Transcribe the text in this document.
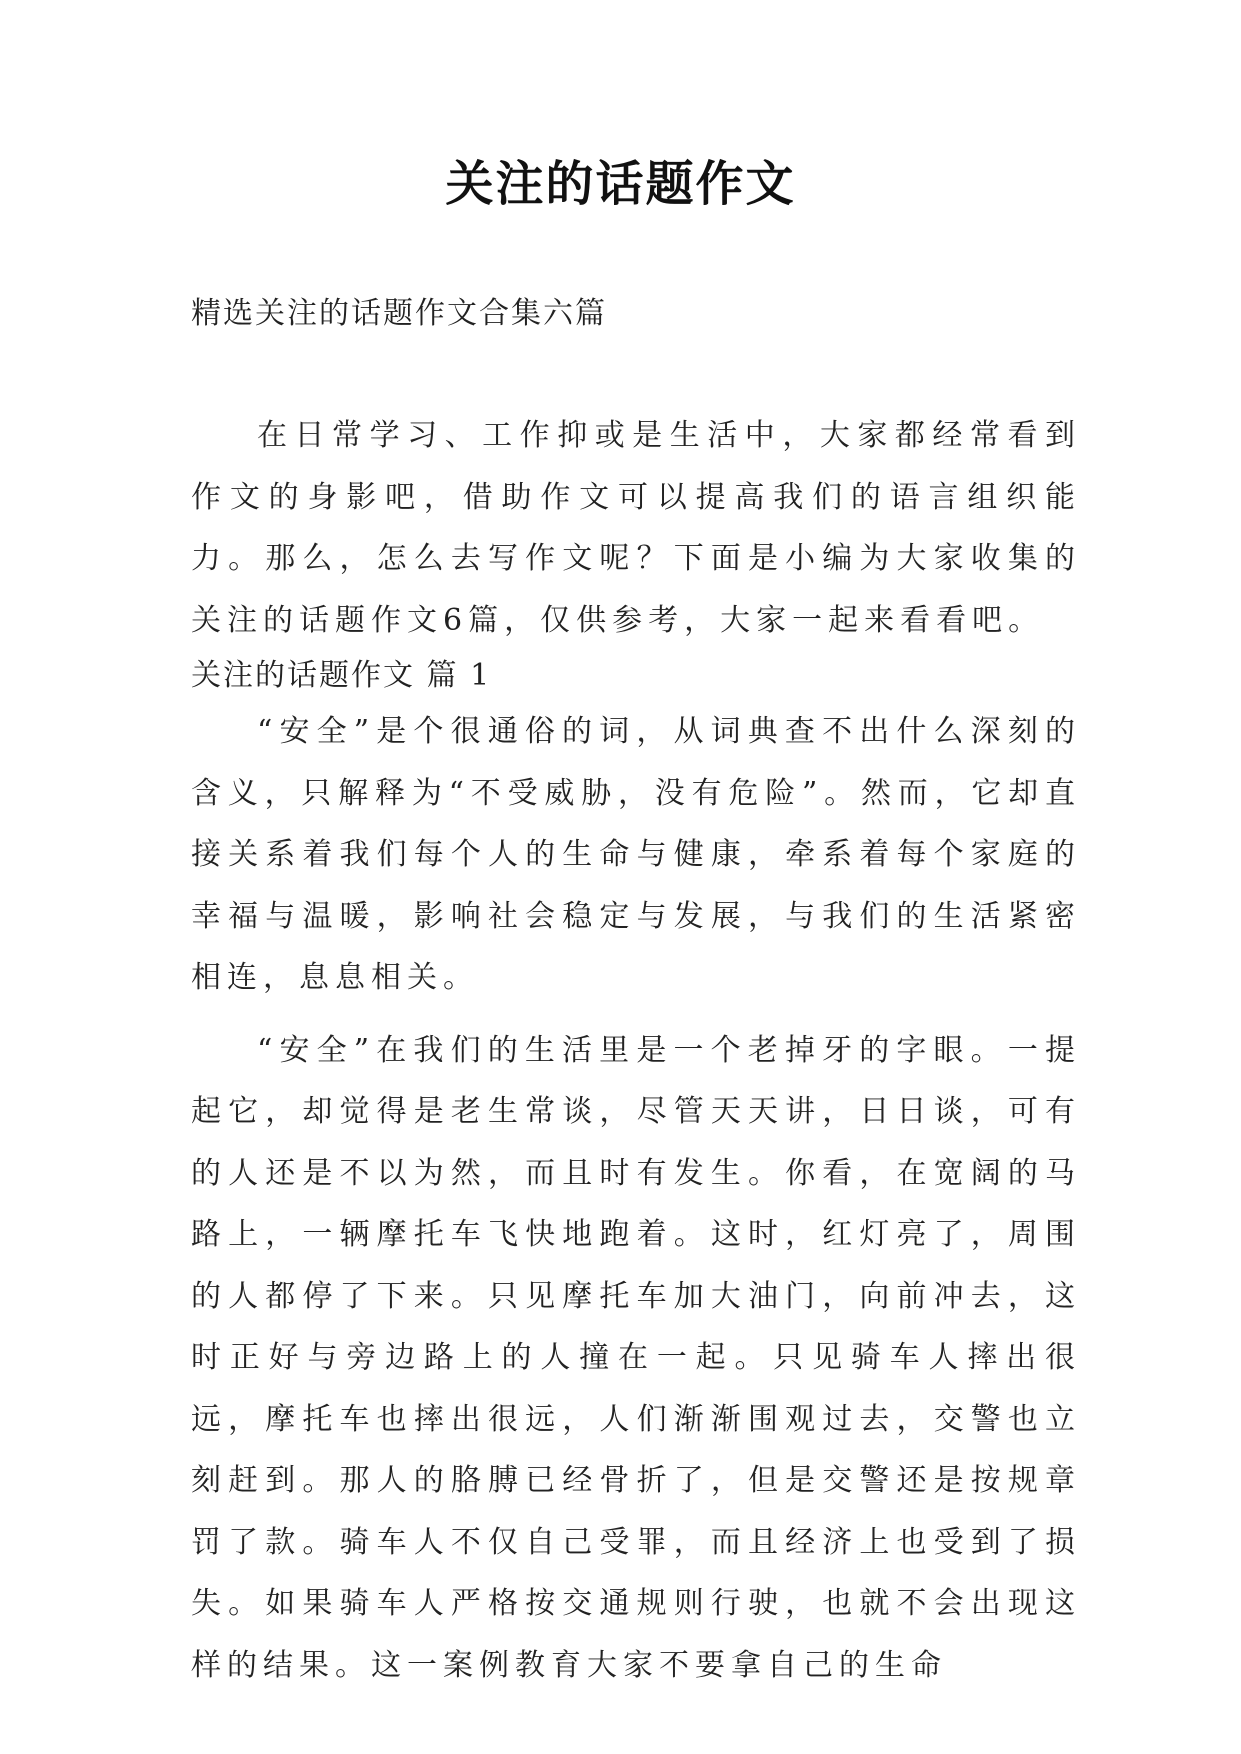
关注的话题作文
精选关注的话题作文合集六篇

在日常学习、工作抑或是生活中，大家都经常看到作文的身影吧，借助作文可以提高我们的语言组织能力。那么，怎么去写作文呢？下面是小编为大家收集的关注的话题作文6篇，仅供参考，大家一起来看看吧。

关注的话题作文 篇 1

“安全”是个很通俗的词，从词典查不出什么深刻的含义，只解释为“不受威胁，没有危险”。然而，它却直接关系着我们每个人的生命与健康，牵系着每个家庭的幸福与温暖，影响社会稳定与发展，与我们的生活紧密相连，息息相关。

“安全”在我们的生活里是一个老掉牙的字眼。一提起它，却觉得是老生常谈，尽管天天讲，日日谈，可有的人还是不以为然，而且时有发生。你看，在宽阔的马路上，一辆摩托车飞快地跑着。这时，红灯亮了，周围的人都停了下来。只见摩托车加大油门，向前冲去，这时正好与旁边路上的人撞在一起。只见骑车人摔出很远，摩托车也摔出很远，人们渐渐围观过去，交警也立刻赶到。那人的胳膊已经骨折了，但是交警还是按规章罚了款。骑车人不仅自己受罪，而且经济上也受到了损失。如果骑车人严格按交通规则行驶，也就不会出现这样的结果。这一案例教育大家不要拿自己的生命
